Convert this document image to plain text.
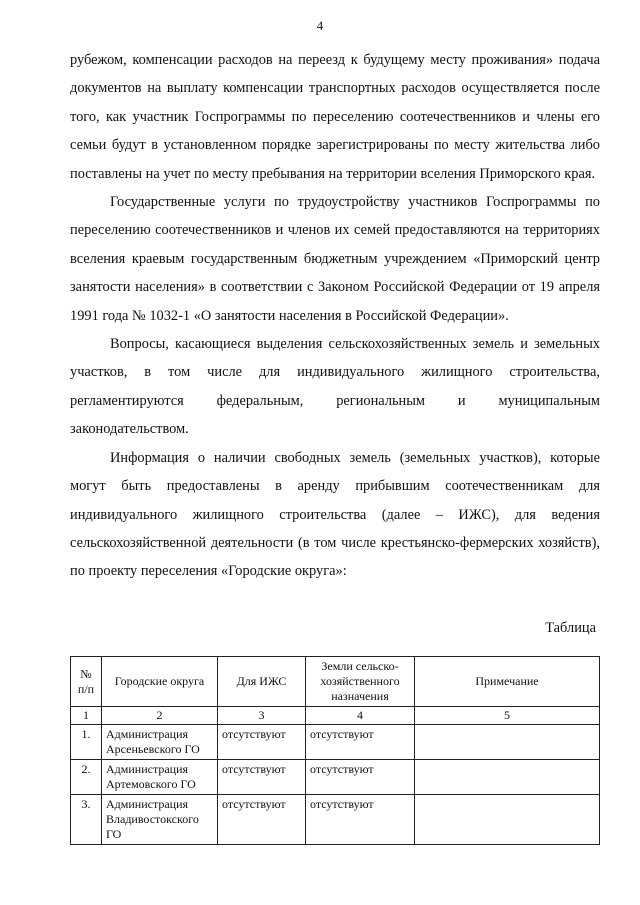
4

рубежом, компенсации расходов на переезд к будущему месту проживания» подача документов на выплату компенсации транспортных расходов осуществляется после того, как участник Госпрограммы по переселению соотечественников и члены его семьи будут в установленном порядке зарегистрированы по месту жительства либо поставлены на учет по месту пребывания на территории вселения Приморского края.

Государственные услуги по трудоустройству участников Госпрограммы по переселению соотечественников и членов их семей предоставляются на территориях вселения краевым государственным бюджетным учреждением «Приморский центр занятости населения» в соответствии с Законом Российской Федерации от 19 апреля 1991 года № 1032-1 «О занятости населения в Российской Федерации».

Вопросы, касающиеся выделения сельскохозяйственных земель и земельных участков, в том числе для индивидуального жилищного строительства, регламентируются федеральным, региональным и муниципальным законодательством.

Информация о наличии свободных земель (земельных участков), которые могут быть предоставлены в аренду прибывшим соотечественникам для индивидуального жилищного строительства (далее – ИЖС), для ведения сельскохозяйственной деятельности (в том числе крестьянско-фермерских хозяйств), по проекту переселения «Городские округа»:

Таблица
№ п/п	Городские округа	Для ИЖС	Земли сельско-хозяйственного назначения	Примечание
1	2	3	4	5
1.	Администрация Арсеньевского ГО	отсутствуют	отсутствуют	
2.	Администрация Артемовского ГО	отсутствуют	отсутствуют	
3.	Администрация Владивостокского ГО	отсутствуют	отсутствуют	
